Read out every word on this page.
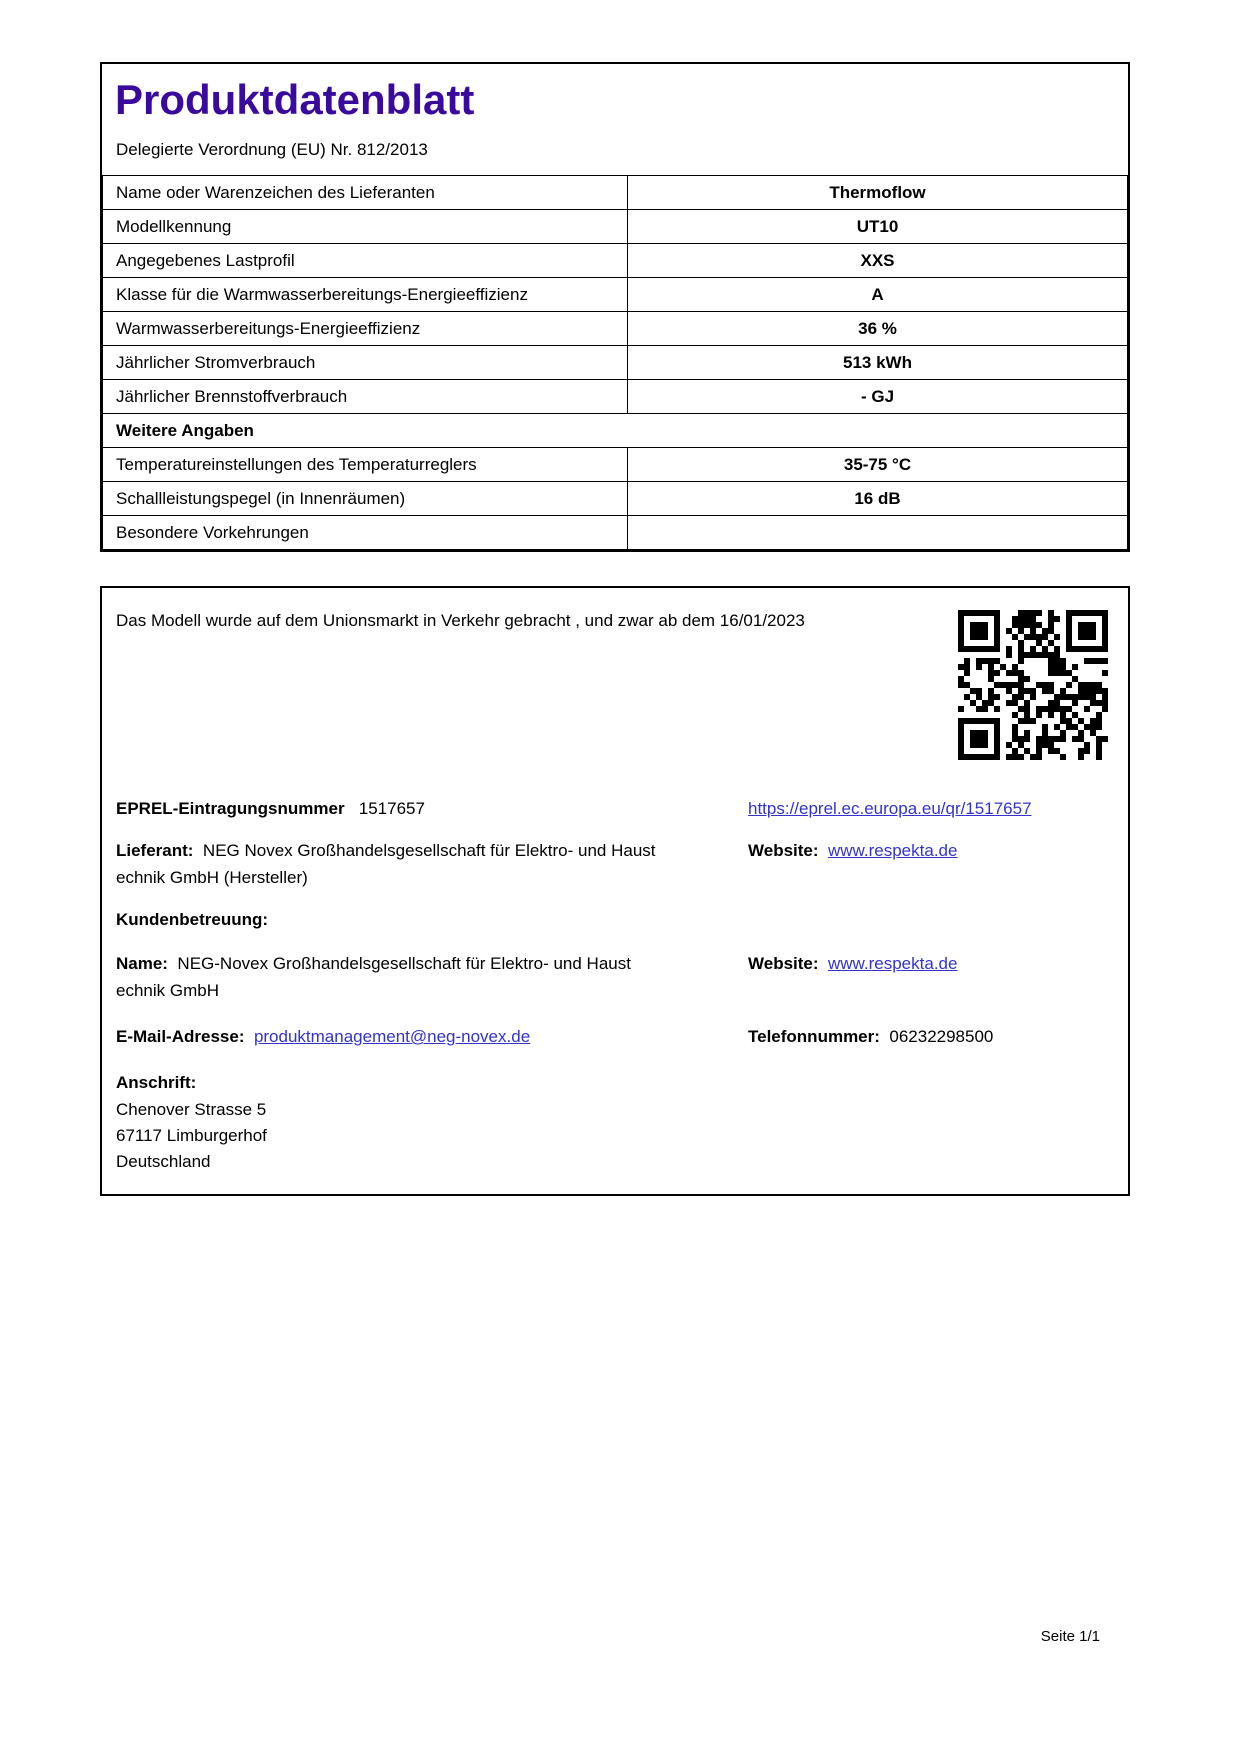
Produktdatenblatt
Delegierte Verordnung (EU) Nr. 812/2013
Name oder Warenzeichen des Lieferanten	Thermoflow
Modellkennung	UT10
Angegebenes Lastprofil	XXS
Klasse für die Warmwasserbereitungs-Energieeffizienz	A
Warmwasserbereitungs-Energieeffizienz	36 %
Jährlicher Stromverbrauch	513 kWh
Jährlicher Brennstoffverbrauch	- GJ
Weitere Angaben	
Temperatureinstellungen des Temperaturreglers	35-75 °C
Schallleistungspegel (in Innenräumen)	16 dB
Besondere Vorkehrungen	
Das Modell wurde auf dem Unionsmarkt in Verkehr gebracht , und zwar ab dem 16/01/2023
EPREL-Eintragungsnummer 1517657	https://eprel.ec.europa.eu/qr/1517657
Lieferant: NEG Novex Großhandelsgesellschaft für Elektro- und Haust
echnik GmbH (Hersteller)
Website: www.respekta.de
Kundenbetreuung:
Name: NEG-Novex Großhandelsgesellschaft für Elektro- und Haust
echnik GmbH
Website: www.respekta.de
E-Mail-Adresse: produktmanagement@neg-novex.de	Telefonnummer: 06232298500
Anschrift:
Chenover Strasse 5
67117 Limburgerhof
Deutschland
Seite 1/1
